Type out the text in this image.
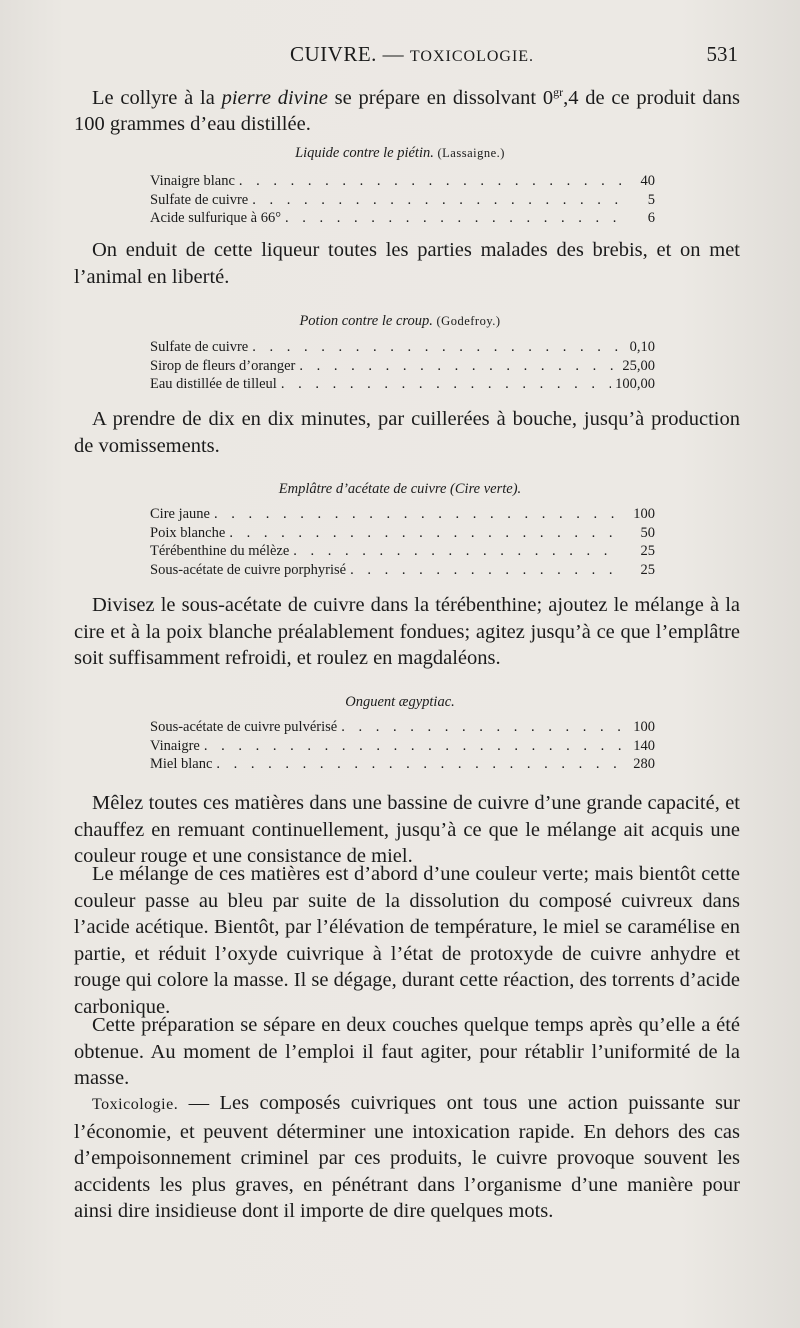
CUIVRE. — TOXICOLOGIE.	531

Le collyre à la pierre divine se prépare en dissolvant $0^{gr},4$ de ce produit dans 100 grammes d’eau distillée.

Liquide contre le piétin. (Lassaigne.)
Vinaigre blanc . . .	40
Sulfate de cuivre . . .	5
Acide sulfurique à 66° . . .	6

On enduit de cette liqueur toutes les parties malades des brebis, et on met l’animal en liberté.

Potion contre le croup. (Godefroy.)
Sulfate de cuivre . . .	0,10
Sirop de fleurs d’oranger . . .	25,00
Eau distillée de tilleul . . .	100,00

A prendre de dix en dix minutes, par cuillerées à bouche, jusqu’à production de vomissements.

Emplâtre d’acétate de cuivre (Cire verte).
Cire jaune . . .	100
Poix blanche . . .	50
Térébenthine du mélèze . . .	25
Sous-acétate de cuivre porphyrisé . . .	25

Divisez le sous-acétate de cuivre dans la térébenthine; ajoutez le mélange à la cire et à la poix blanche préalablement fondues; agitez jusqu’à ce que l’emplâtre soit suffisamment refroidi, et roulez en magdaléons.

Onguent ægyptiac.
Sous-acétate de cuivre pulvérisé . . .	100
Vinaigre . . .	140
Miel blanc . . .	280

Mêlez toutes ces matières dans une bassine de cuivre d’une grande capacité, et chauffez en remuant continuellement, jusqu’à ce que le mélange ait acquis une couleur rouge et une consistance de miel.

Le mélange de ces matières est d’abord d’une couleur verte; mais bientôt cette couleur passe au bleu par suite de la dissolution du composé cuivreux dans l’acide acétique. Bientôt, par l’élévation de température, le miel se caramélise en partie, et réduit l’oxyde cuivrique à l’état de protoxyde de cuivre anhydre et rouge qui colore la masse. Il se dégage, durant cette réaction, des torrents d’acide carbonique.

Cette préparation se sépare en deux couches quelque temps après qu’elle a été obtenue. Au moment de l’emploi il faut agiter, pour rétablir l’uniformité de la masse.

Toxicologie. — Les composés cuivriques ont tous une action puissante sur l’économie, et peuvent déterminer une intoxication rapide. En dehors des cas d’empoisonnement criminel par ces produits, le cuivre provoque souvent les accidents les plus graves, en pénétrant dans l’organisme d’une manière pour ainsi dire insidieuse dont il importe de dire quelques mots.
